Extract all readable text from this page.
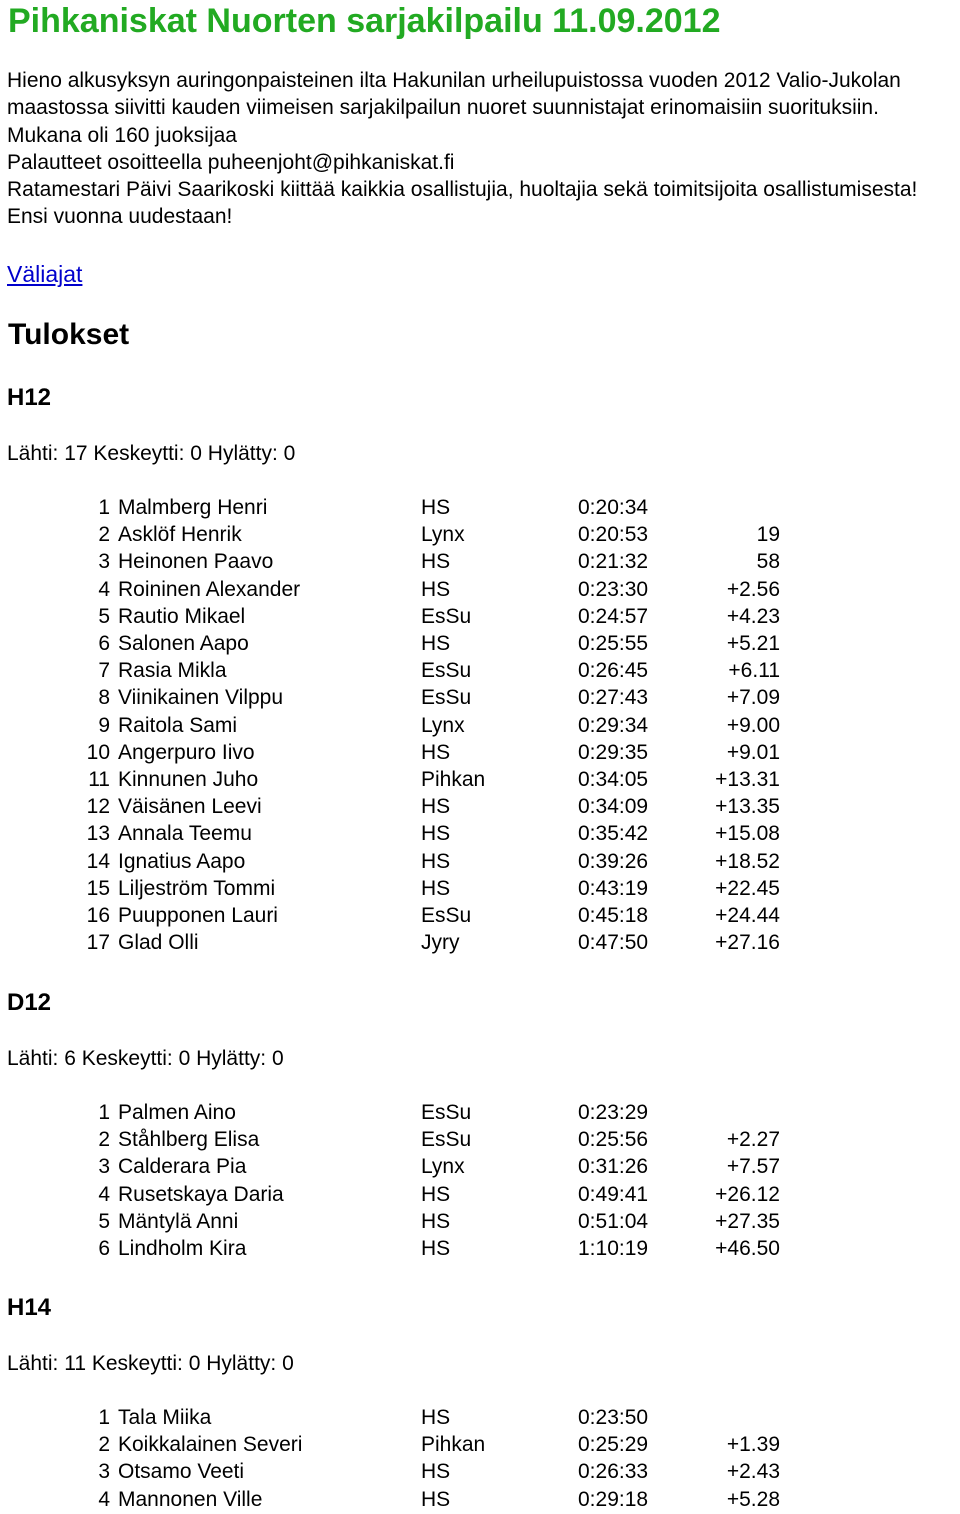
Pihkaniskat Nuorten sarjakilpailu 11.09.2012

Hieno alkusyksyn auringonpaisteinen ilta Hakunilan urheilupuistossa vuoden 2012 Valio-Jukolan

maastossa siivitti kauden viimeisen sarjakilpailun nuoret suunnistajat erinomaisiin suorituksiin.

Mukana oli 160 juoksijaa

Palautteet osoitteella puheenjoht@pihkaniskat.fi

Ratamestari Päivi Saarikoski kiittää kaikkia osallistujia, huoltajia sekä toimitsijoita osallistumisesta!

Ensi vuonna uudestaan!

Väliajat
Tulokset
H12
Lähti: 17 Keskeytti: 0 Hylätty: 0
1	Malmberg Henri	HS	0:20:34	
2	Asklöf Henrik	Lynx	0:20:53	19
3	Heinonen Paavo	HS	0:21:32	58
4	Roininen Alexander	HS	0:23:30	+2.56
5	Rautio Mikael	EsSu	0:24:57	+4.23
6	Salonen Aapo	HS	0:25:55	+5.21
7	Rasia Mikla	EsSu	0:26:45	+6.11
8	Viinikainen Vilppu	EsSu	0:27:43	+7.09
9	Raitola Sami	Lynx	0:29:34	+9.00
10	Angerpuro Iivo	HS	0:29:35	+9.01
11	Kinnunen Juho	Pihkan	0:34:05	+13.31
12	Väisänen Leevi	HS	0:34:09	+13.35
13	Annala Teemu	HS	0:35:42	+15.08
14	Ignatius Aapo	HS	0:39:26	+18.52
15	Liljeström Tommi	HS	0:43:19	+22.45
16	Puupponen Lauri	EsSu	0:45:18	+24.44
17	Glad Olli	Jyry	0:47:50	+27.16
D12
Lähti: 6 Keskeytti: 0 Hylätty: 0
1	Palmen Aino	EsSu	0:23:29	
2	Ståhlberg Elisa	EsSu	0:25:56	+2.27
3	Calderara Pia	Lynx	0:31:26	+7.57
4	Rusetskaya Daria	HS	0:49:41	+26.12
5	Mäntylä Anni	HS	0:51:04	+27.35
6	Lindholm Kira	HS	1:10:19	+46.50
H14
Lähti: 11 Keskeytti: 0 Hylätty: 0
1	Tala Miika	HS	0:23:50	
2	Koikkalainen Severi	Pihkan	0:25:29	+1.39
3	Otsamo Veeti	HS	0:26:33	+2.43
4	Mannonen Ville	HS	0:29:18	+5.28
